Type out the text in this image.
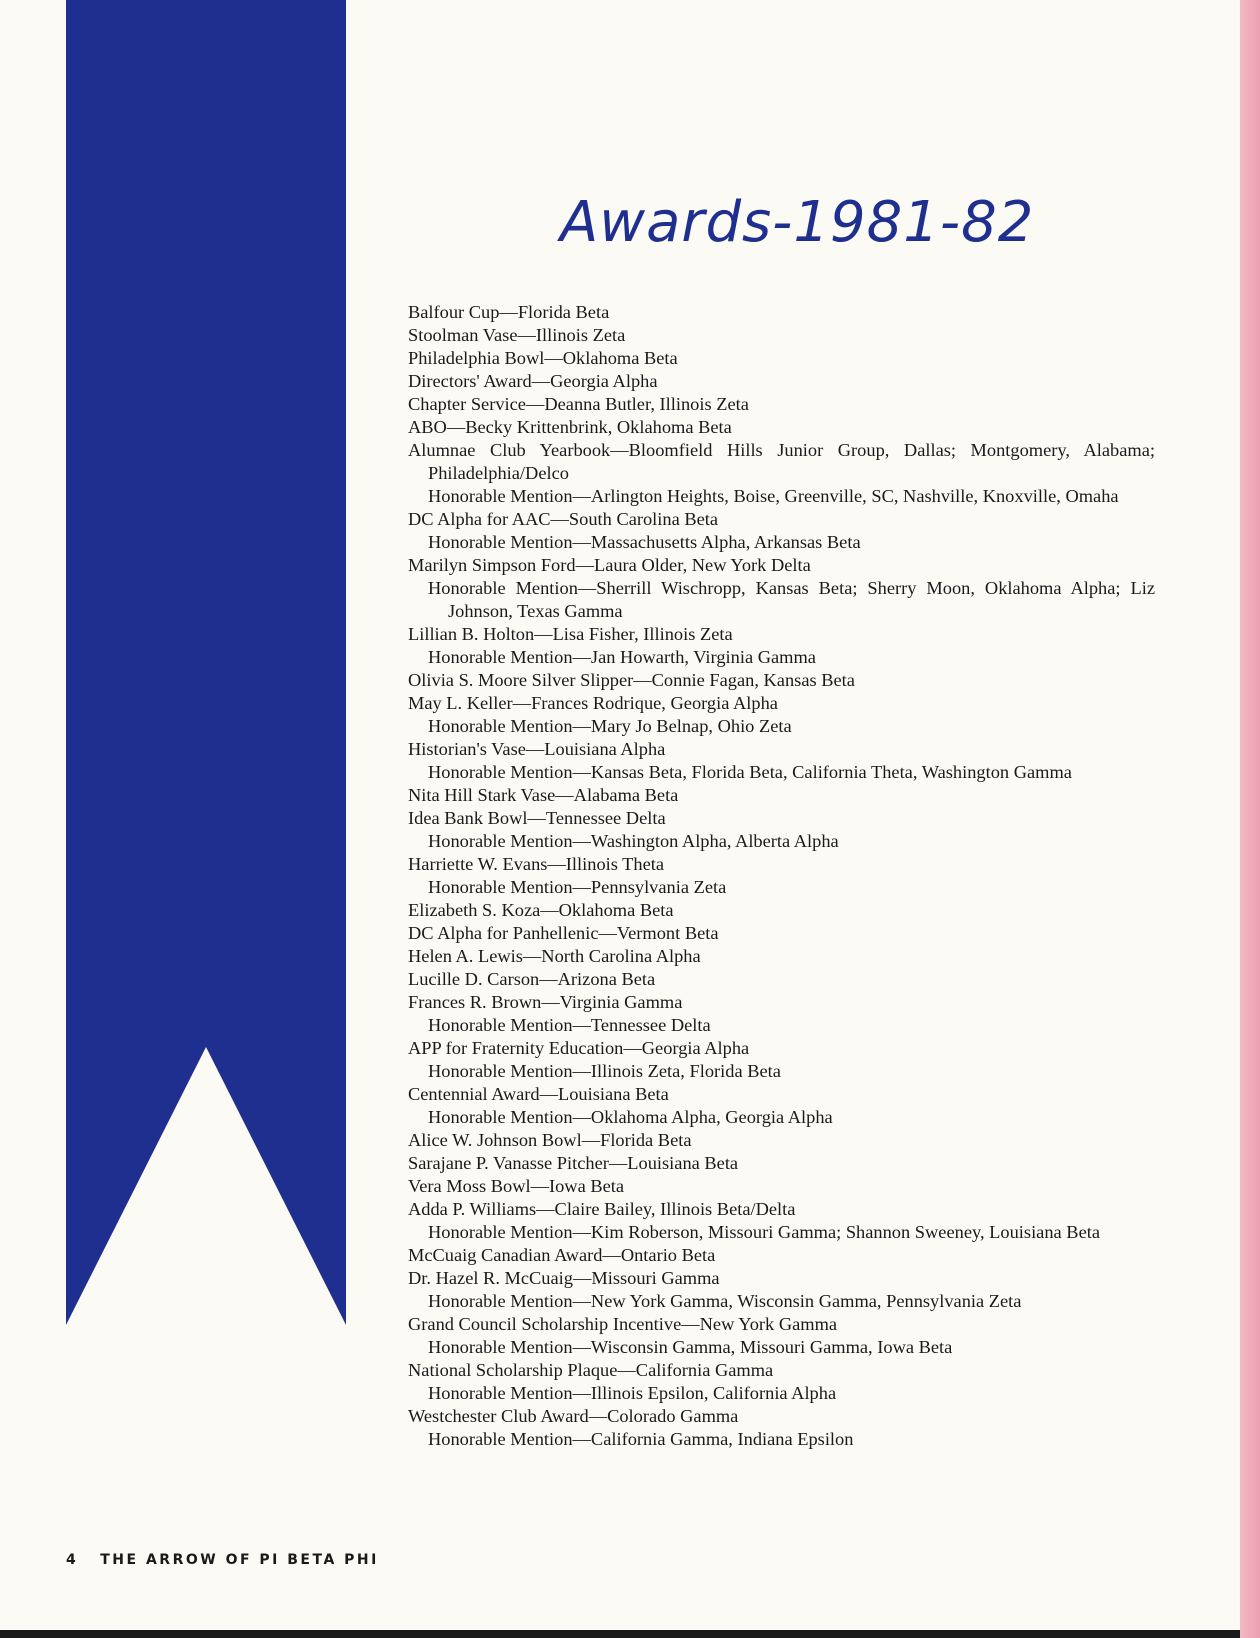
Awards-1981-82
Balfour Cup—Florida Beta
Stoolman Vase—Illinois Zeta
Philadelphia Bowl—Oklahoma Beta
Directors' Award—Georgia Alpha
Chapter Service—Deanna Butler, Illinois Zeta
ABO—Becky Krittenbrink, Oklahoma Beta
Alumnae Club Yearbook—Bloomfield Hills Junior Group, Dallas; Montgomery, Alabama; Philadelphia/Delco
Honorable Mention—Arlington Heights, Boise, Greenville, SC, Nashville, Knoxville, Omaha
DC Alpha for AAC—South Carolina Beta
Honorable Mention—Massachusetts Alpha, Arkansas Beta
Marilyn Simpson Ford—Laura Older, New York Delta
Honorable Mention—Sherrill Wischropp, Kansas Beta; Sherry Moon, Oklahoma Alpha; Liz Johnson, Texas Gamma
Lillian B. Holton—Lisa Fisher, Illinois Zeta
Honorable Mention—Jan Howarth, Virginia Gamma
Olivia S. Moore Silver Slipper—Connie Fagan, Kansas Beta
May L. Keller—Frances Rodrique, Georgia Alpha
Honorable Mention—Mary Jo Belnap, Ohio Zeta
Historian's Vase—Louisiana Alpha
Honorable Mention—Kansas Beta, Florida Beta, California Theta, Washington Gamma
Nita Hill Stark Vase—Alabama Beta
Idea Bank Bowl—Tennessee Delta
Honorable Mention—Washington Alpha, Alberta Alpha
Harriette W. Evans—Illinois Theta
Honorable Mention—Pennsylvania Zeta
Elizabeth S. Koza—Oklahoma Beta
DC Alpha for Panhellenic—Vermont Beta
Helen A. Lewis—North Carolina Alpha
Lucille D. Carson—Arizona Beta
Frances R. Brown—Virginia Gamma
Honorable Mention—Tennessee Delta
APP for Fraternity Education—Georgia Alpha
Honorable Mention—Illinois Zeta, Florida Beta
Centennial Award—Louisiana Beta
Honorable Mention—Oklahoma Alpha, Georgia Alpha
Alice W. Johnson Bowl—Florida Beta
Sarajane P. Vanasse Pitcher—Louisiana Beta
Vera Moss Bowl—Iowa Beta
Adda P. Williams—Claire Bailey, Illinois Beta/Delta
Honorable Mention—Kim Roberson, Missouri Gamma; Shannon Sweeney, Louisiana Beta
McCuaig Canadian Award—Ontario Beta
Dr. Hazel R. McCuaig—Missouri Gamma
Honorable Mention—New York Gamma, Wisconsin Gamma, Pennsylvania Zeta
Grand Council Scholarship Incentive—New York Gamma
Honorable Mention—Wisconsin Gamma, Missouri Gamma, Iowa Beta
National Scholarship Plaque—California Gamma
Honorable Mention—Illinois Epsilon, California Alpha
Westchester Club Award—Colorado Gamma
Honorable Mention—California Gamma, Indiana Epsilon
4 THE ARROW OF PI BETA PHI
